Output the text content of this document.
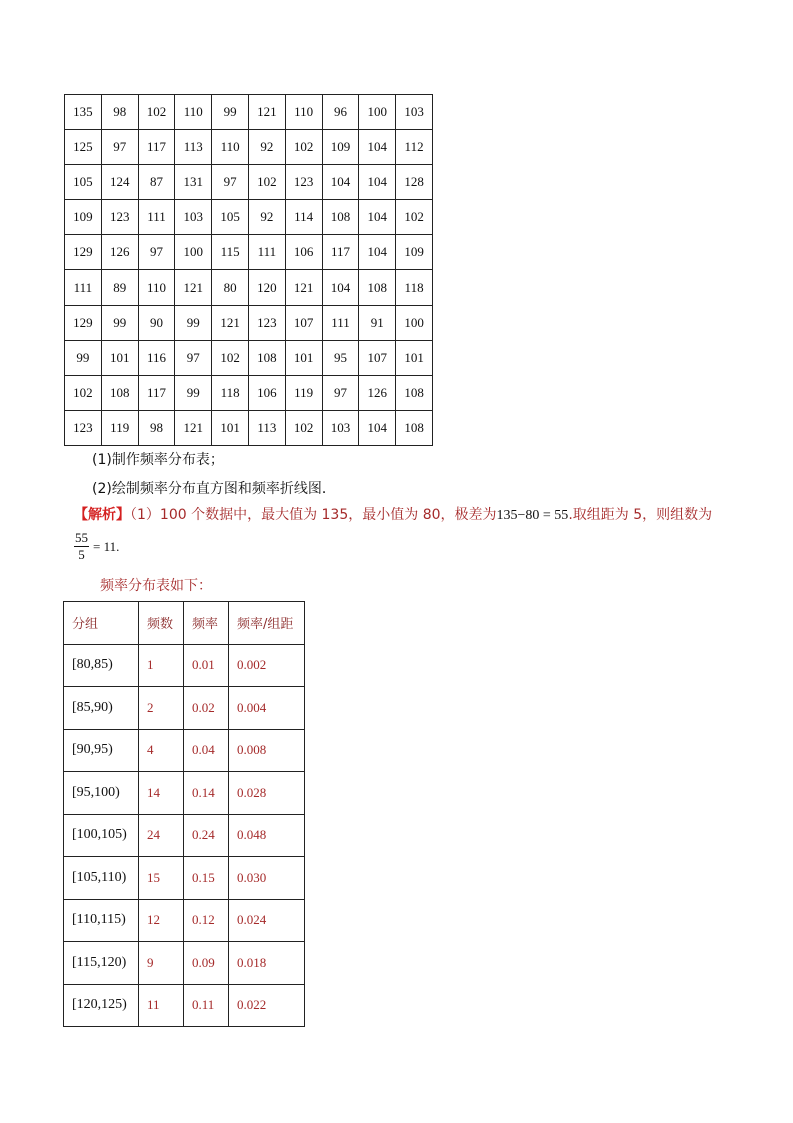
135	98	102	110	99	121	110	96	100	103
125	97	117	113	110	92	102	109	104	112
105	124	87	131	97	102	123	104	104	128
109	123	111	103	105	92	114	108	104	102
129	126	97	100	115	111	106	117	104	109
111	89	110	121	80	120	121	104	108	118
129	99	90	99	121	123	107	111	91	100
99	101	116	97	102	108	101	95	107	101
102	108	117	99	118	106	119	97	126	108
123	119	98	121	101	113	102	103	104	108
(1)制作频率分布表；
(2)绘制频率分布直方图和频率折线图．
【解析】（1）100 个数据中，最大值为 135，最小值为 80，极差为135−80 = 55.取组距为 5，则组数为
$\frac{55}{5} = 11$.
频率分布表如下：
分组	频数	频率	频率/组距
[80,85)	1	0.01	0.002
[85,90)	2	0.02	0.004
[90,95)	4	0.04	0.008
[95,100)	14	0.14	0.028
[100,105)	24	0.24	0.048
[105,110)	15	0.15	0.030
[110,115)	12	0.12	0.024
[115,120)	9	0.09	0.018
[120,125)	11	0.11	0.022
